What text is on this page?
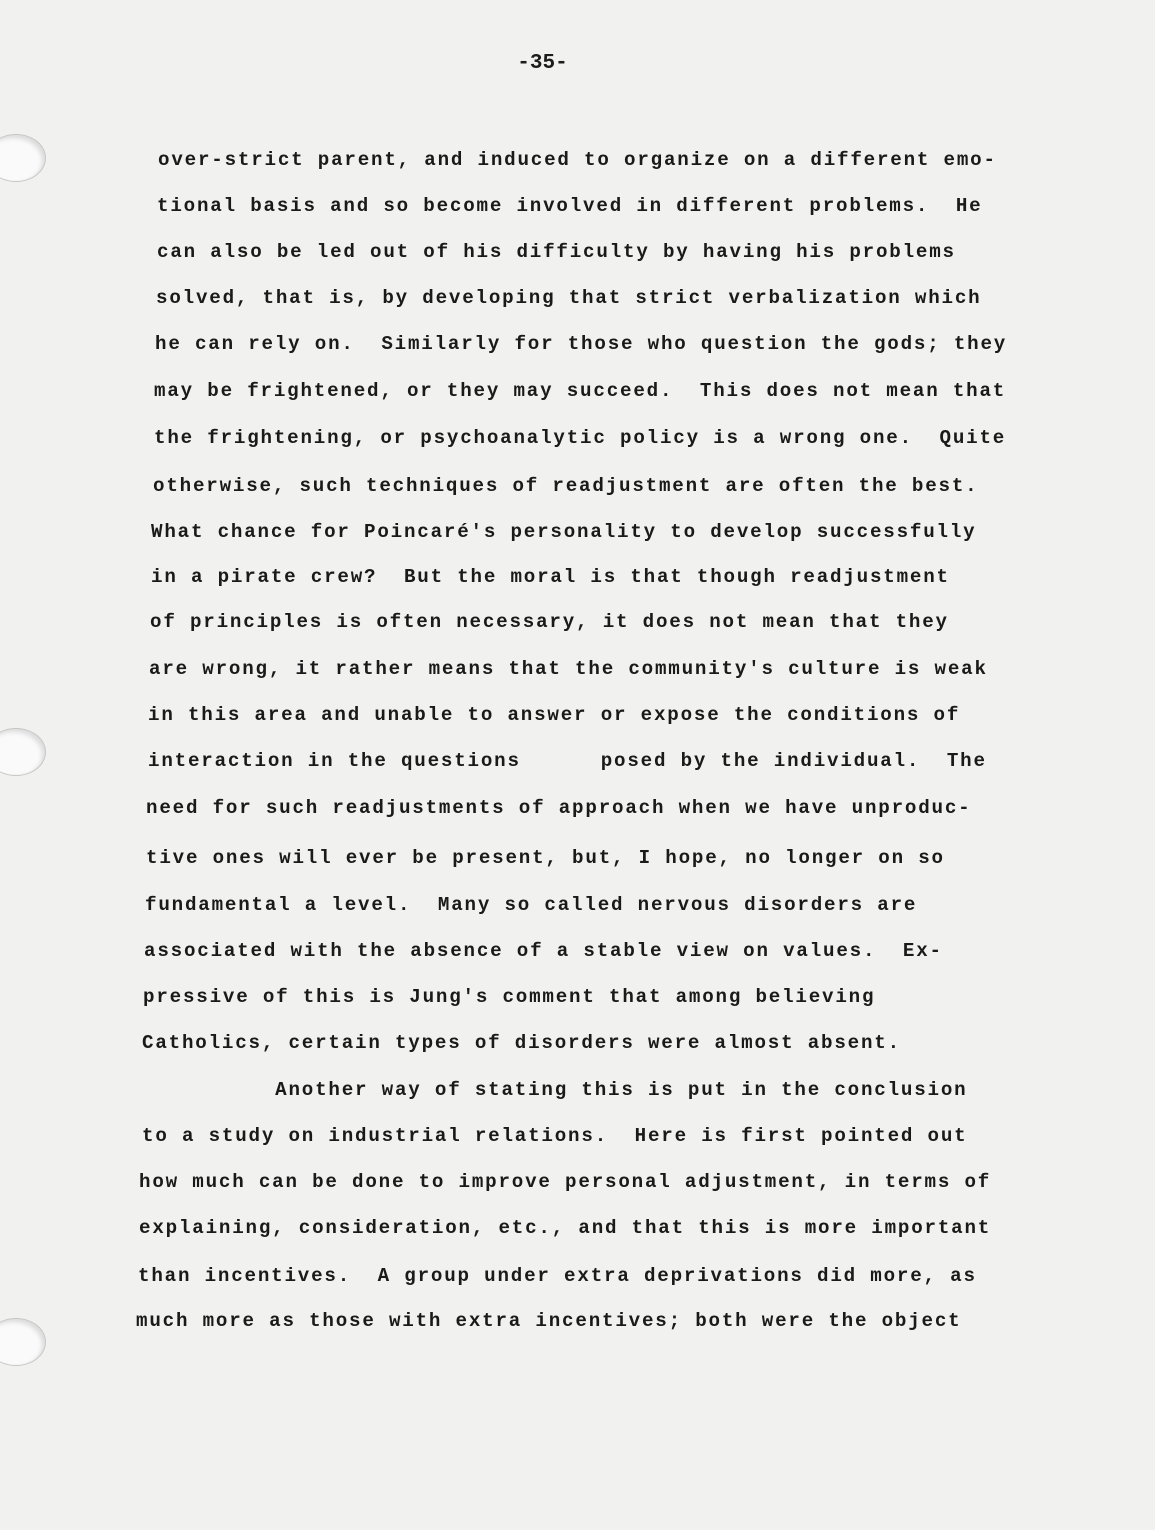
-35-
over-strict parent, and induced to organize on a different emo-
tional basis and so become involved in different problems.  He
can also be led out of his difficulty by having his problems
solved, that is, by developing that strict verbalization which
he can rely on.  Similarly for those who question the gods; they
may be frightened, or they may succeed.  This does not mean that
the frightening, or psychoanalytic policy is a wrong one.  Quite
otherwise, such techniques of readjustment are often the best.
What chance for Poincaré's personality to develop successfully
in a pirate crew?  But the moral is that though readjustment
of principles is often necessary, it does not mean that they
are wrong, it rather means that the community's culture is weak
in this area and unable to answer or expose the conditions of
interaction in the questions      posed by the individual.  The
need for such readjustments of approach when we have unproduc-
tive ones will ever be present, but, I hope, no longer on so
fundamental a level.  Many so called nervous disorders are
associated with the absence of a stable view on values.  Ex-
pressive of this is Jung's comment that among believing
Catholics, certain types of disorders were almost absent.
Another way of stating this is put in the conclusion
to a study on industrial relations.  Here is first pointed out
how much can be done to improve personal adjustment, in terms of
explaining, consideration, etc., and that this is more important
than incentives.  A group under extra deprivations did more, as
much more as those with extra incentives; both were the object
